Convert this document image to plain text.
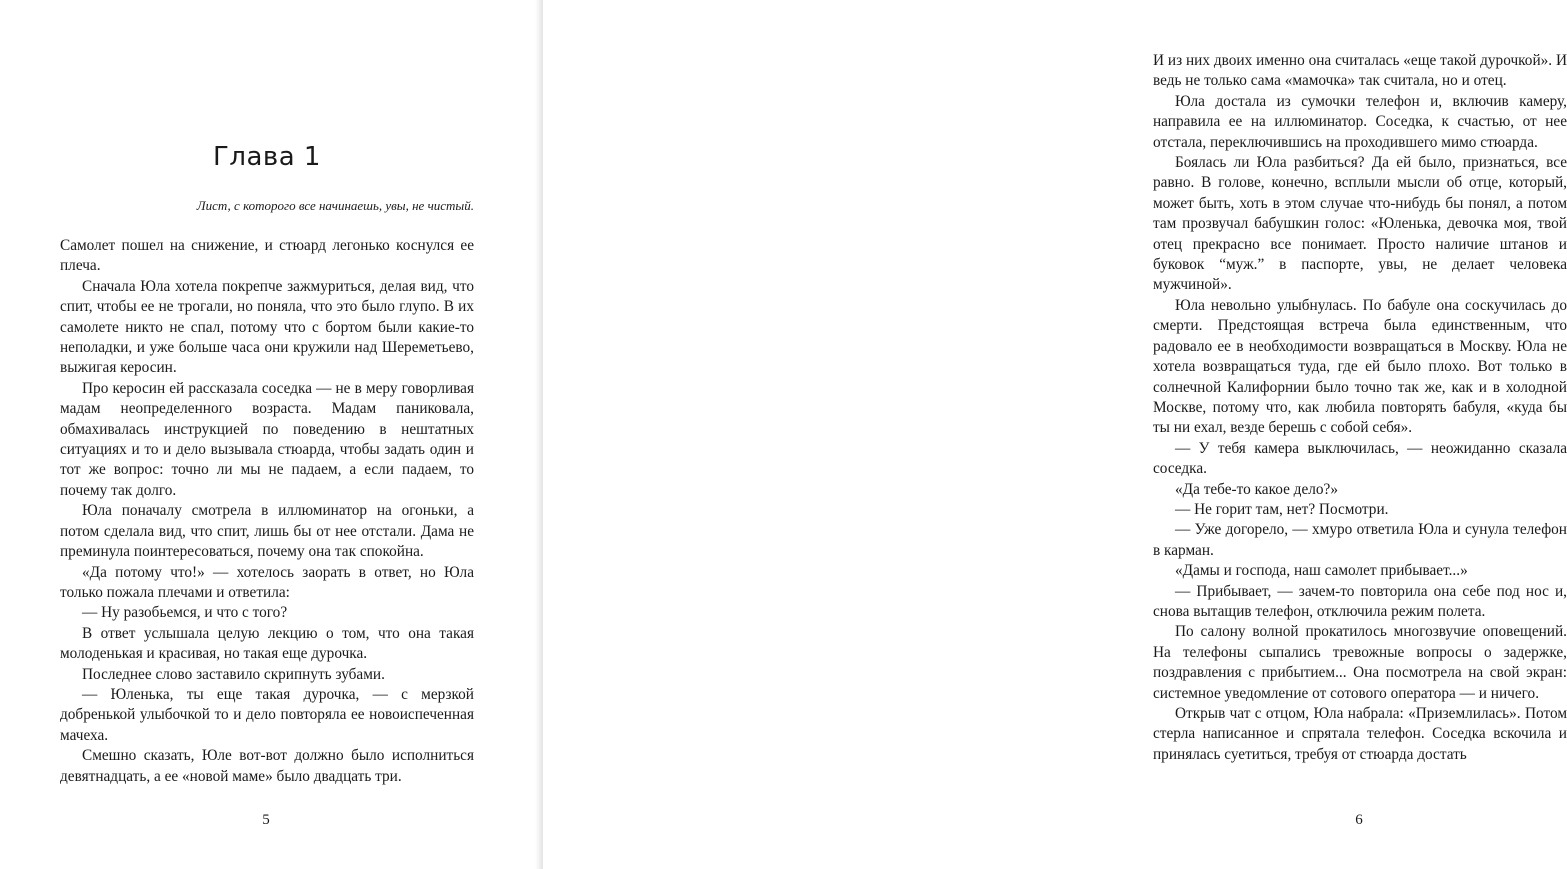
Глава 1

Лист, с которого все начинаешь, увы, не чистый.

Самолет пошел на снижение, и стюард легонько коснулся ее плеча.

Сначала Юла хотела покрепче зажмуриться, делая вид, что спит, чтобы ее не трогали, но поняла, что это было глупо. В их самолете никто не спал, потому что с бортом были какие-то неполадки, и уже больше часа они кружили над Шереметьево, выжигая керосин.

Про керосин ей рассказала соседка — не в меру говорливая мадам неопределенного возраста. Мадам паниковала, обмахивалась инструкцией по поведению в нештатных ситуациях и то и дело вызывала стюарда, чтобы задать один и тот же вопрос: точно ли мы не падаем, а если падаем, то почему так долго.

Юла поначалу смотрела в иллюминатор на огоньки, а потом сделала вид, что спит, лишь бы от нее отстали. Дама не преминула поинтересоваться, почему она так спокойна.

«Да потому что!» — хотелось заорать в ответ, но Юла только пожала плечами и ответила:

— Ну разобьемся, и что с того?

В ответ услышала целую лекцию о том, что она такая молоденькая и красивая, но такая еще дурочка.

Последнее слово заставило скрипнуть зубами.

— Юленька, ты еще такая дурочка, — с мерзкой добренькой улыбочкой то и дело повторяла ее новоиспеченная мачеха.

Смешно сказать, Юле вот-вот должно было исполниться девятнадцать, а ее «новой маме» было двадцать три.

5

И из них двоих именно она считалась «еще такой дурочкой». И ведь не только сама «мамочка» так считала, но и отец.

Юла достала из сумочки телефон и, включив камеру, направила ее на иллюминатор. Соседка, к счастью, от нее отстала, переключившись на проходившего мимо стюарда.

Боялась ли Юла разбиться? Да ей было, признаться, все равно. В голове, конечно, всплыли мысли об отце, который, может быть, хоть в этом случае что-нибудь бы понял, а потом там прозвучал бабушкин голос: «Юленька, девочка моя, твой отец прекрасно все понимает. Просто наличие штанов и буковок “муж.” в паспорте, увы, не делает человека мужчиной».

Юла невольно улыбнулась. По бабуле она соскучилась до смерти. Предстоящая встреча была единственным, что радовало ее в необходимости возвращаться в Москву. Юла не хотела возвращаться туда, где ей было плохо. Вот только в солнечной Калифорнии было точно так же, как и в холодной Москве, потому что, как любила повторять бабуля, «куда бы ты ни ехал, везде берешь с собой себя».

— У тебя камера выключилась, — неожиданно сказала соседка.

«Да тебе-то какое дело?»

— Не горит там, нет? Посмотри.

— Уже догорело, — хмуро ответила Юла и сунула телефон в карман.

«Дамы и господа, наш самолет прибывает...»

— Прибывает, — зачем-то повторила она себе под нос и, снова вытащив телефон, отключила режим полета.

По салону волной прокатилось многозвучие оповещений. На телефоны сыпались тревожные вопросы о задержке, поздравления с прибытием... Она посмотрела на свой экран: системное уведомление от сотового оператора — и ничего.

Открыв чат с отцом, Юла набрала: «Приземлилась». Потом стерла написанное и спрятала телефон. Соседка вскочила и принялась суетиться, требуя от стюарда достать

6
